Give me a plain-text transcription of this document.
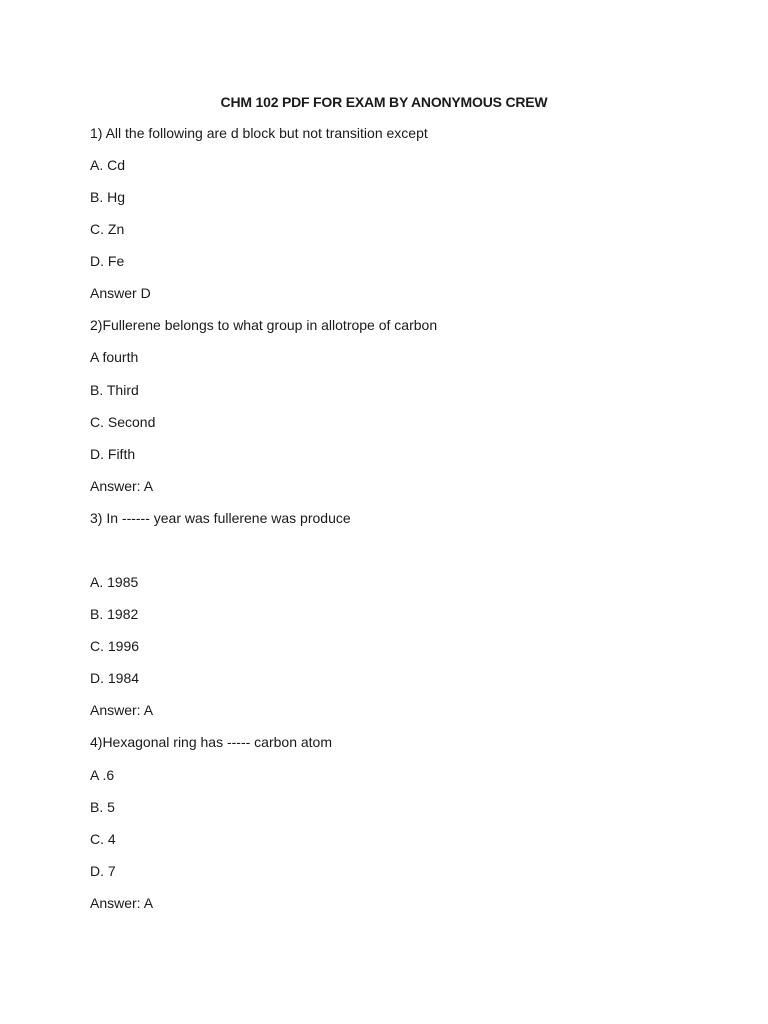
CHM 102 PDF FOR EXAM BY ANONYMOUS CREW
1) All the following are d block but not transition except
A. Cd
B. Hg
C. Zn
D. Fe
Answer D
2)Fullerene belongs to what group in allotrope of carbon
A fourth
B. Third
C. Second
D. Fifth
Answer: A
3) In ------ year was fullerene was produce
A. 1985
B. 1982
C. 1996
D. 1984
Answer: A
4)Hexagonal ring has ----- carbon atom
A .6
B. 5
C. 4
D. 7
Answer: A
